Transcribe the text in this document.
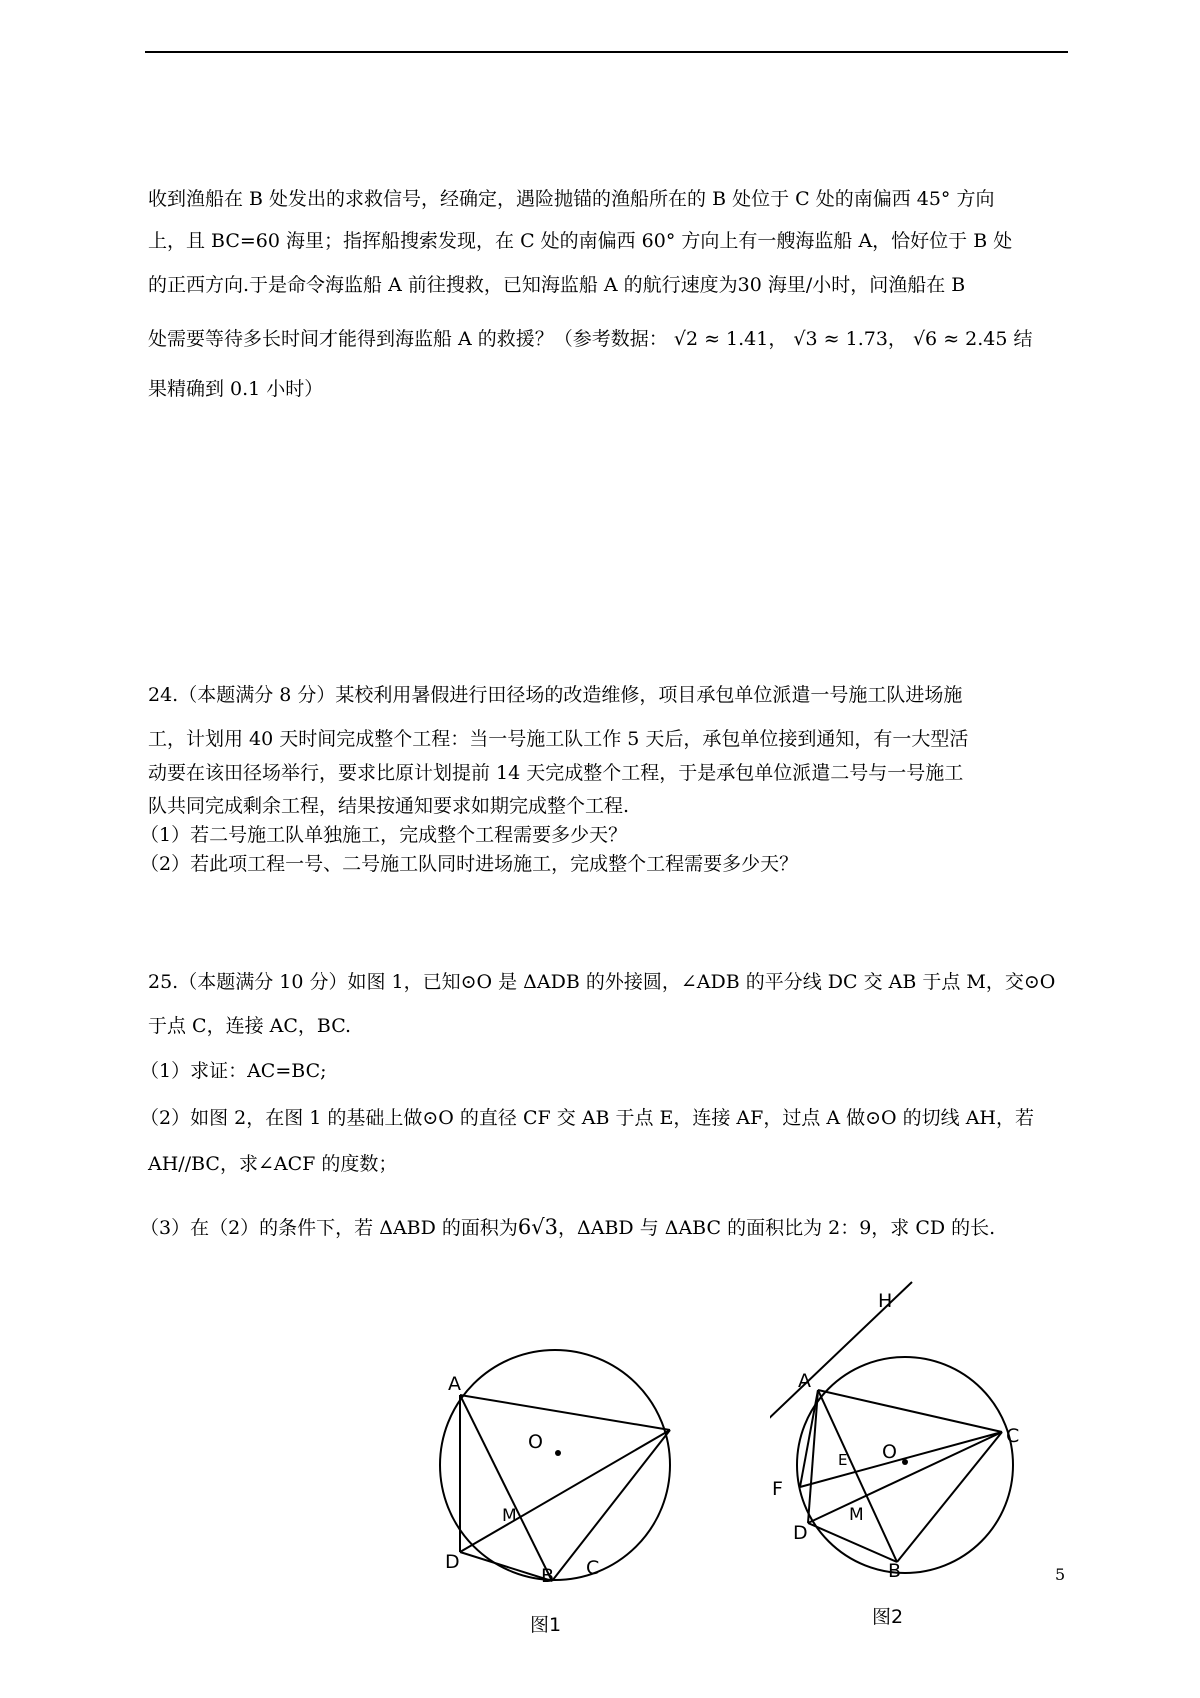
收到渔船在 B 处发出的求救信号，经确定，遇险抛锚的渔船所在的 B 处位于 C 处的南偏西 45° 方向
上，且 BC=60 海里；指挥船搜索发现，在 C 处的南偏西 60° 方向上有一艘海监船 A，恰好位于 B 处
的正西方向.于是命令海监船 A 前往搜救，已知海监船 A 的航行速度为30 海里/小时，问渔船在 B
处需要等待多长时间才能得到海监船 A 的救援？（参考数据： √2 ≈ 1.41， √3 ≈ 1.73， √6 ≈ 2.45 结
果精确到 0.1 小时）
24.（本题满分 8 分）某校利用暑假进行田径场的改造维修，项目承包单位派遣一号施工队进场施
工，计划用 40 天时间完成整个工程：当一号施工队工作 5 天后，承包单位接到通知，有一大型活
动要在该田径场举行，要求比原计划提前 14 天完成整个工程，于是承包单位派遣二号与一号施工
队共同完成剩余工程，结果按通知要求如期完成整个工程.
（1）若二号施工队单独施工，完成整个工程需要多少天？
（2）若此项工程一号、二号施工队同时进场施工，完成整个工程需要多少天？
25.（本题满分 10 分）如图 1，已知⊙O 是 ΔADB 的外接圆，∠ADB 的平分线 DC 交 AB 于点 M，交⊙O
于点 C，连接 AC，BC.
（1）求证：AC=BC;
（2）如图 2，在图 1 的基础上做⊙O 的直径 CF 交 AB 于点 E，连接 AF，过点 A 做⊙O 的切线 AH，若
AH//BC，求∠ACF 的度数；
（3）在（2）的条件下，若 ΔABD 的面积为6√3，ΔABD 与 ΔABC 的面积比为 2：9，求 CD 的长.
A
O
M
D
B C
图1
H
A
C
O
E
F
M
D
B
图2
5
